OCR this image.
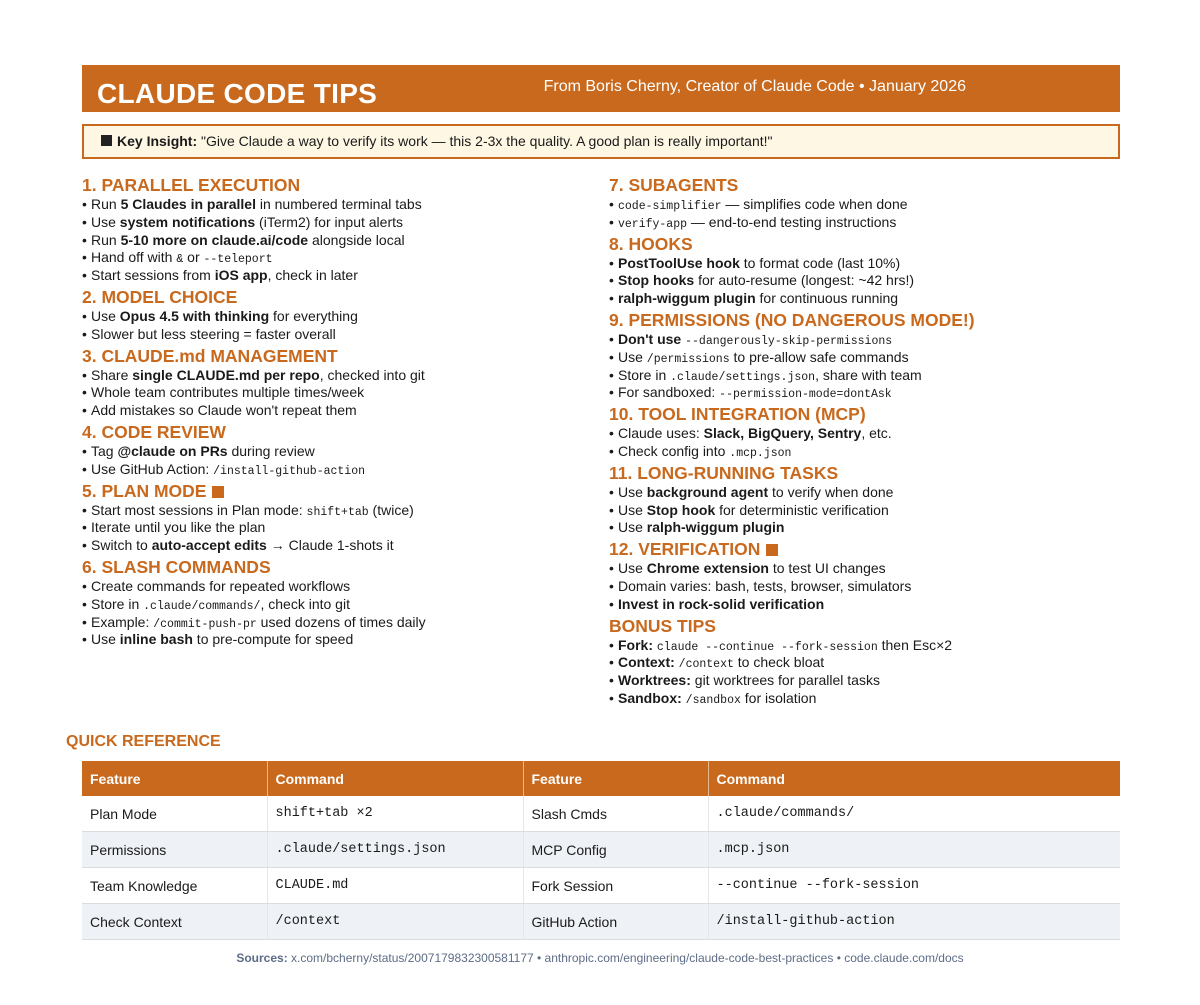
CLAUDE CODE TIPS	From Boris Cherny, Creator of Claude Code • January 2026
Key Insight: "Give Claude a way to verify its work — this 2-3x the quality. A good plan is really important!"
1. PARALLEL EXECUTION
• Run 5 Claudes in parallel in numbered terminal tabs
• Use system notifications (iTerm2) for input alerts
• Run 5-10 more on claude.ai/code alongside local
• Hand off with & or --teleport
• Start sessions from iOS app, check in later
2. MODEL CHOICE
• Use Opus 4.5 with thinking for everything
• Slower but less steering = faster overall
3. CLAUDE.md MANAGEMENT
• Share single CLAUDE.md per repo, checked into git
• Whole team contributes multiple times/week
• Add mistakes so Claude won't repeat them
4. CODE REVIEW
• Tag @claude on PRs during review
• Use GitHub Action: /install-github-action
5. PLAN MODE
• Start most sessions in Plan mode: shift+tab (twice)
• Iterate until you like the plan
• Switch to auto-accept edits → Claude 1-shots it
6. SLASH COMMANDS
• Create commands for repeated workflows
• Store in .claude/commands/, check into git
• Example: /commit-push-pr used dozens of times daily
• Use inline bash to pre-compute for speed
7. SUBAGENTS
• code-simplifier — simplifies code when done
• verify-app — end-to-end testing instructions
8. HOOKS
• PostToolUse hook to format code (last 10%)
• Stop hooks for auto-resume (longest: ~42 hrs!)
• ralph-wiggum plugin for continuous running
9. PERMISSIONS (NO DANGEROUS MODE!)
• Don't use --dangerously-skip-permissions
• Use /permissions to pre-allow safe commands
• Store in .claude/settings.json, share with team
• For sandboxed: --permission-mode=dontAsk
10. TOOL INTEGRATION (MCP)
• Claude uses: Slack, BigQuery, Sentry, etc.
• Check config into .mcp.json
11. LONG-RUNNING TASKS
• Use background agent to verify when done
• Use Stop hook for deterministic verification
• Use ralph-wiggum plugin
12. VERIFICATION
• Use Chrome extension to test UI changes
• Domain varies: bash, tests, browser, simulators
• Invest in rock-solid verification
BONUS TIPS
• Fork: claude --continue --fork-session then Esc×2
• Context: /context to check bloat
• Worktrees: git worktrees for parallel tasks
• Sandbox: /sandbox for isolation
QUICK REFERENCE
Feature	Command	Feature	Command
Plan Mode	shift+tab ×2	Slash Cmds	.claude/commands/
Permissions	.claude/settings.json	MCP Config	.mcp.json
Team Knowledge	CLAUDE.md	Fork Session	--continue --fork-session
Check Context	/context	GitHub Action	/install-github-action
Sources: x.com/bcherny/status/2007179832300581177 • anthropic.com/engineering/claude-code-best-practices • code.claude.com/docs
